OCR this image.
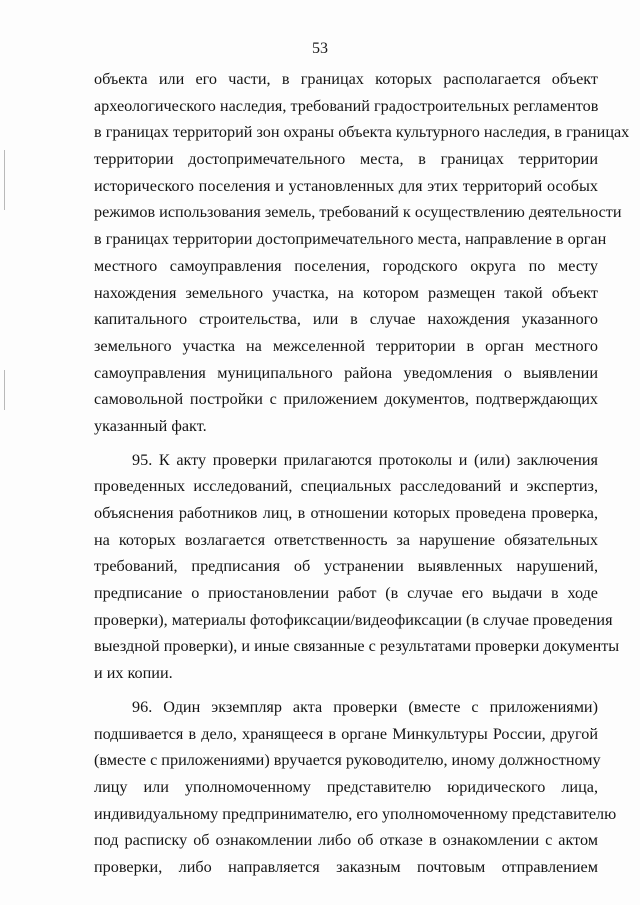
53
объекта или его части, в границах которых располагается объект
археологического наследия, требований градостроительных регламентов
в границах территорий зон охраны объекта культурного наследия, в границах
территории достопримечательного места, в границах территории
исторического поселения и установленных для этих территорий особых
режимов использования земель, требований к осуществлению деятельности
в границах территории достопримечательного места, направление в орган
местного самоуправления поселения, городского округа по месту
нахождения земельного участка, на котором размещен такой объект
капитального строительства, или в случае нахождения указанного
земельного участка на межселенной территории в орган местного
самоуправления муниципального района уведомления о выявлении
самовольной постройки с приложением документов, подтверждающих
указанный факт.
95. К акту проверки прилагаются протоколы и (или) заключения
проведенных исследований, специальных расследований и экспертиз,
объяснения работников лиц, в отношении которых проведена проверка,
на которых возлагается ответственность за нарушение обязательных
требований, предписания об устранении выявленных нарушений,
предписание о приостановлении работ (в случае его выдачи в ходе
проверки), материалы фотофиксации/видеофиксации (в случае проведения
выездной проверки), и иные связанные с результатами проверки документы
и их копии.
96. Один экземпляр акта проверки (вместе с приложениями)
подшивается в дело, хранящееся в органе Минкультуры России, другой
(вместе с приложениями) вручается руководителю, иному должностному
лицу или уполномоченному представителю юридического лица,
индивидуальному предпринимателю, его уполномоченному представителю
под расписку об ознакомлении либо об отказе в ознакомлении с актом
проверки, либо направляется заказным почтовым отправлением
